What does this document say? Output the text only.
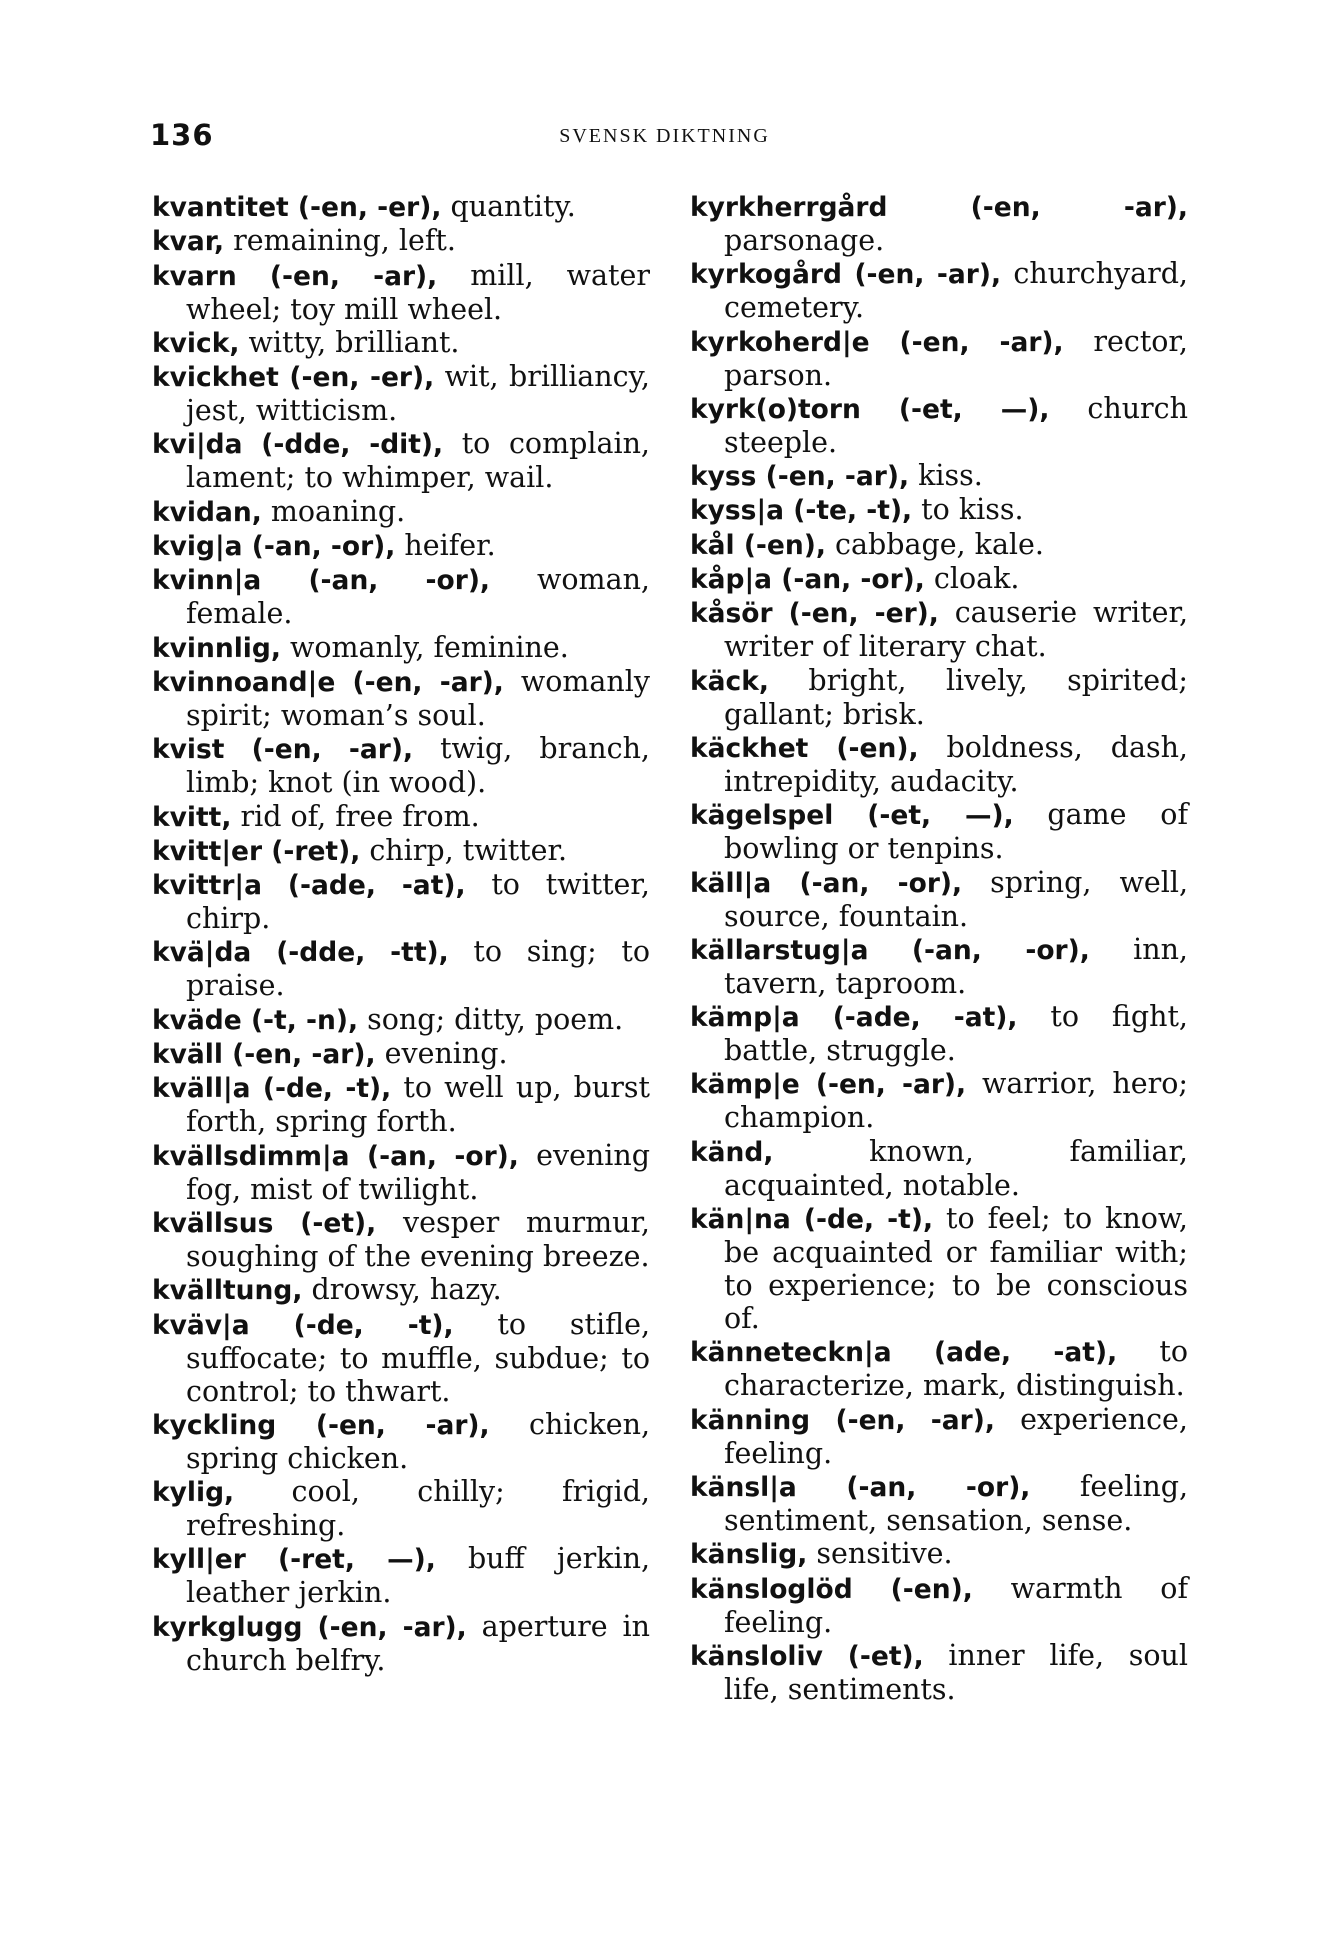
136	SVENSK DIKTNING
kvantitet (-en, -er), quantity.
kvar, remaining, left.
kvarn (-en, -ar), mill, water wheel; toy mill wheel.
kvick, witty, brilliant.
kvickhet (-en, -er), wit, brilliancy, jest, witticism.
kvi|da (-dde, -dit), to complain, lament; to whimper, wail.
kvidan, moaning.
kvig|a (-an, -or), heifer.
kvinn|a (-an, -or), woman, female.
kvinnlig, womanly, feminine.
kvinnoand|e (-en, -ar), womanly spirit; woman’s soul.
kvist (-en, -ar), twig, branch, limb; knot (in wood).
kvitt, rid of, free from.
kvitt|er (-ret), chirp, twitter.
kvittr|a (-ade, -at), to twitter, chirp.
kvä|da (-dde, -tt), to sing; to praise.
kväde (-t, -n), song; ditty, poem.
kväll (-en, -ar), evening.
kväll|a (-de, -t), to well up, burst forth, spring forth.
kvällsdimm|a (-an, -or), evening fog, mist of twilight.
kvällsus (-et), vesper murmur, soughing of the evening breeze.
kvälltung, drowsy, hazy.
kväv|a (-de, -t), to stifle, suffocate; to muffle, subdue; to control; to thwart.
kyckling (-en, -ar), chicken, spring chicken.
kylig, cool, chilly; frigid, refreshing.
kyll|er (-ret, —), buff jerkin, leather jerkin.
kyrkglugg (-en, -ar), aperture in church belfry.
kyrkherrgård (-en, -ar), parsonage.
kyrkogård (-en, -ar), churchyard, cemetery.
kyrkoherd|e (-en, -ar), rector, parson.
kyrk(o)torn (-et, —), church steeple.
kyss (-en, -ar), kiss.
kyss|a (-te, -t), to kiss.
kål (-en), cabbage, kale.
kåp|a (-an, -or), cloak.
kåsör (-en, -er), causerie writer, writer of literary chat.
käck, bright, lively, spirited; gallant; brisk.
käckhet (-en), boldness, dash, intrepidity, audacity.
kägelspel (-et, —), game of bowling or tenpins.
käll|a (-an, -or), spring, well, source, fountain.
källarstug|a (-an, -or), inn, tavern, taproom.
kämp|a (-ade, -at), to fight, battle, struggle.
kämp|e (-en, -ar), warrior, hero; champion.
känd, known, familiar, acquainted, notable.
kän|na (-de, -t), to feel; to know, be acquainted or familiar with; to experience; to be conscious of.
känneteckn|a (ade, -at), to characterize, mark, distinguish.
känning (-en, -ar), experience, feeling.
känsl|a (-an, -or), feeling, sentiment, sensation, sense.
känslig, sensitive.
känsloglöd (-en), warmth of feeling.
känsloliv (-et), inner life, soul life, sentiments.
